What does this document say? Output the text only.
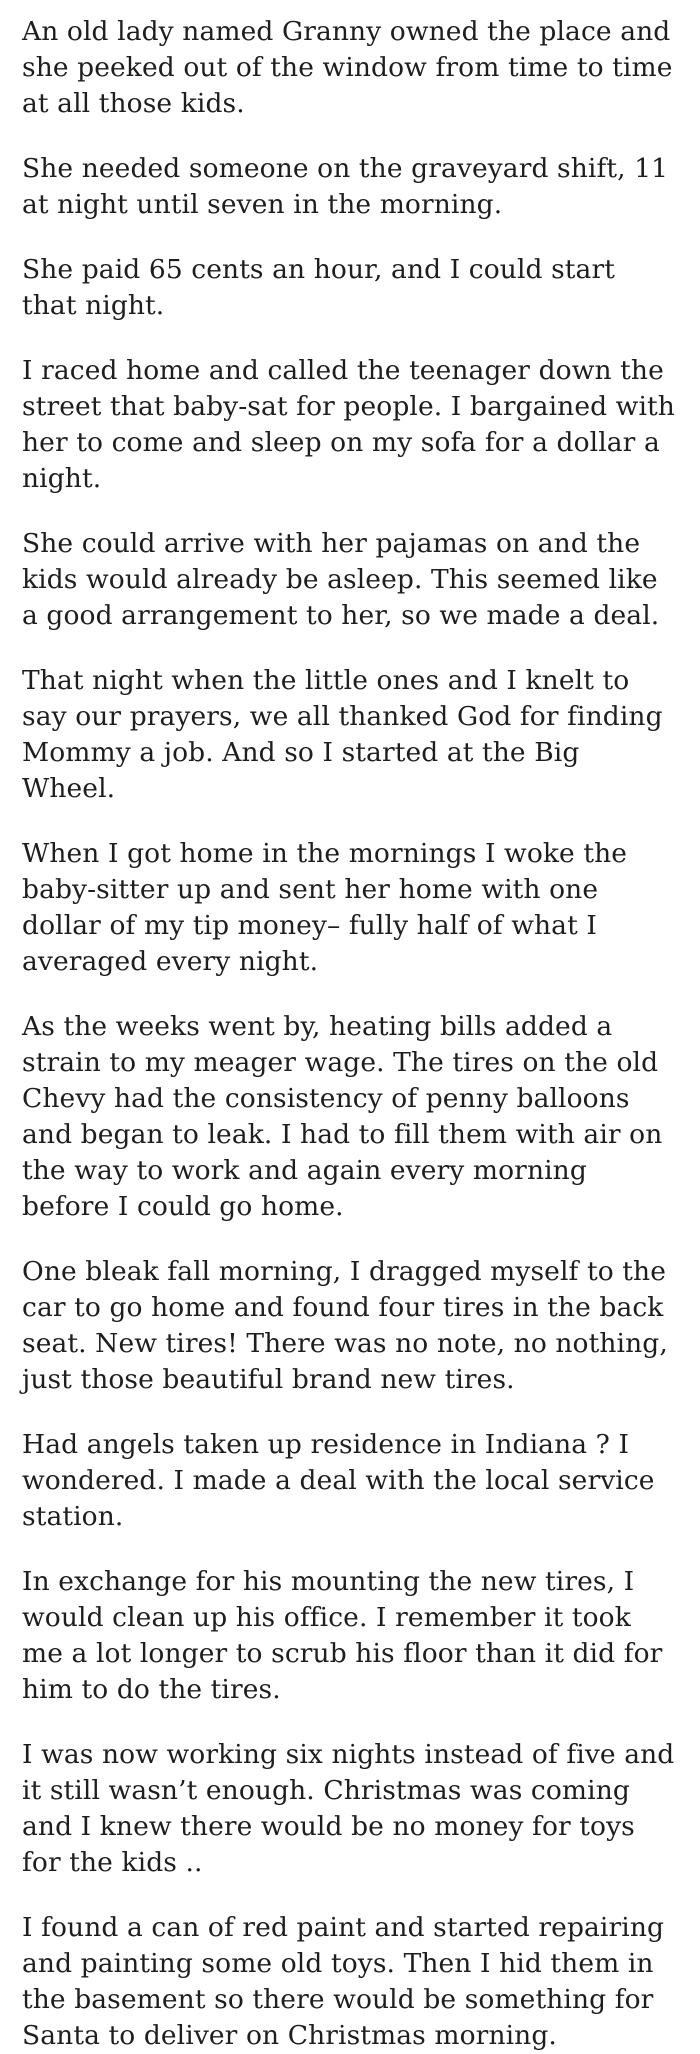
An old lady named Granny owned the place and she peeked out of the window from time to time at all those kids.

She needed someone on the graveyard shift, 11 at night until seven in the morning.

She paid 65 cents an hour, and I could start that night.

I raced home and called the teenager down the street that baby-sat for people. I bargained with her to come and sleep on my sofa for a dollar a night.

She could arrive with her pajamas on and the kids would already be asleep. This seemed like a good arrangement to her, so we made a deal.

That night when the little ones and I knelt to say our prayers, we all thanked God for finding Mommy a job. And so I started at the Big Wheel.

When I got home in the mornings I woke the baby-sitter up and sent her home with one dollar of my tip money– fully half of what I averaged every night.

As the weeks went by, heating bills added a strain to my meager wage. The tires on the old Chevy had the consistency of penny balloons and began to leak. I had to fill them with air on the way to work and again every morning before I could go home.

One bleak fall morning, I dragged myself to the car to go home and found four tires in the back seat. New tires! There was no note, no nothing, just those beautiful brand new tires.

Had angels taken up residence in Indiana ? I wondered. I made a deal with the local service station.

In exchange for his mounting the new tires, I would clean up his office. I remember it took me a lot longer to scrub his floor than it did for him to do the tires.

I was now working six nights instead of five and it still wasn’t enough. Christmas was coming and I knew there would be no money for toys for the kids ..

I found a can of red paint and started repairing and painting some old toys. Then I hid them in the basement so there would be something for Santa to deliver on Christmas morning.
